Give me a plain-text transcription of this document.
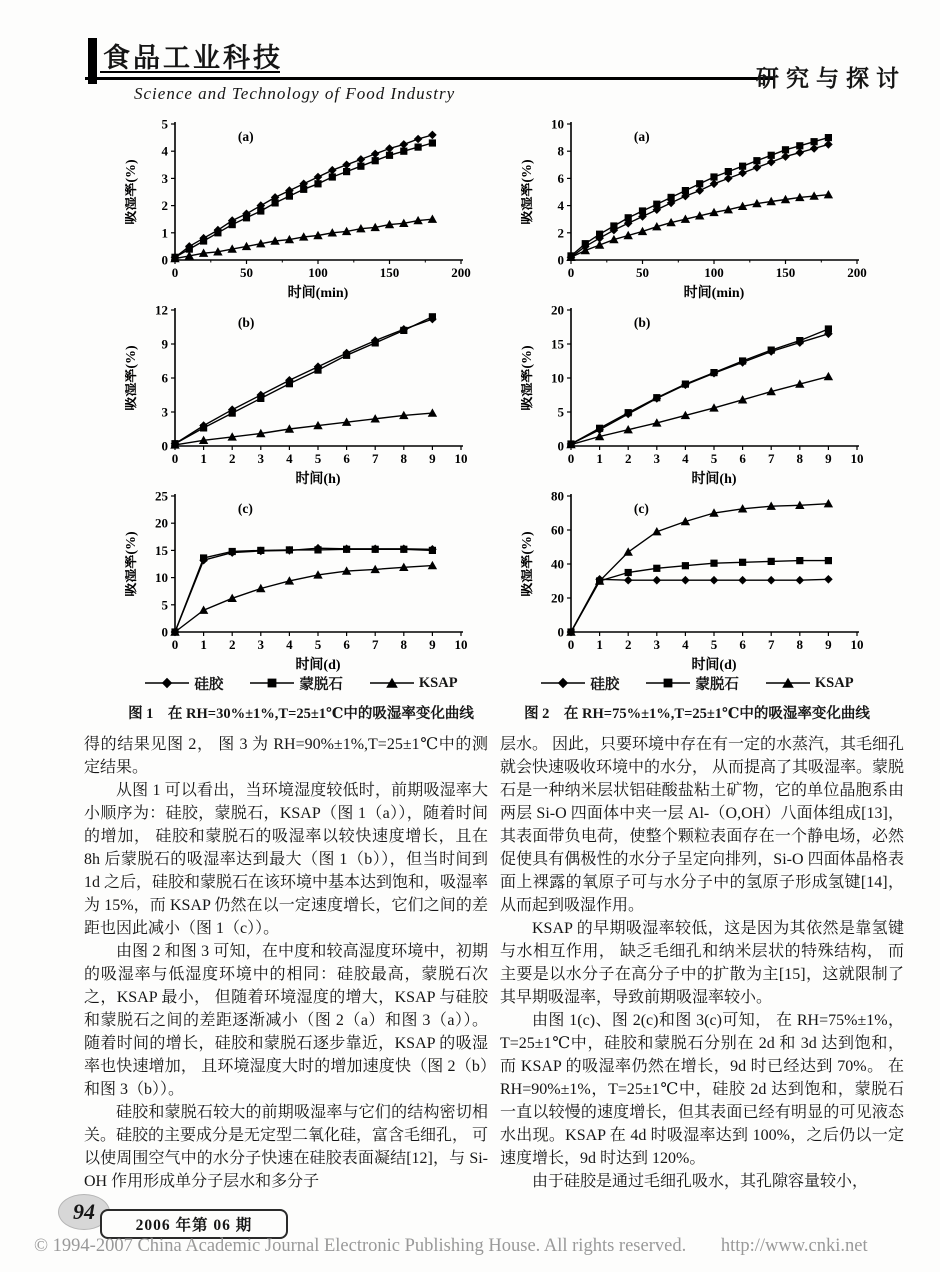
食品工业科技
研究与探讨
Science and Technology of Food Industry
0
1
2
3
4
5
0	50	100	150	200
(a)
时间(min)
吸湿率(%)
0
3
6
9
12
0 1 2 3 4 5 6 7 8 9 10
(b)
时间(h)
吸湿率(%)
0
5
10
15
20
25
0 1 2 3 4 5 6 7 8 9 10
(c)
时间(d)
吸湿率(%)
硅胶	蒙脱石	KSAP
图 1　在 RH=30%±1%,T=25±1℃中的吸湿率变化曲线
0
2
4
6
8
10
0	50	100	150	200
(a)
时间(min)
吸湿率(%)
0
5
10
15
20
0 1 2 3 4 5 6 7 8 9 10
(b)
时间(h)
吸湿率(%)
0
20
40
60
80
0 1 2 3 4 5 6 7 8 9 10
(c)
时间(d)
吸湿率(%)
硅胶	蒙脱石	KSAP
图 2　在 RH=75%±1%,T=25±1℃中的吸湿率变化曲线

得的结果见图 2， 图 3 为 RH=90%±1%,T=25±1℃中的测定结果。

从图 1 可以看出，当环境湿度较低时，前期吸湿率大小顺序为：硅胶，蒙脱石，KSAP（图 1（a）），随着时间的增加， 硅胶和蒙脱石的吸湿率以较快速度增长，且在 8h 后蒙脱石的吸湿率达到最大（图 1（b）），但当时间到 1d 之后，硅胶和蒙脱石在该环境中基本达到饱和，吸湿率为 15%，而 KSAP 仍然在以一定速度增长，它们之间的差距也因此减小（图 1（c））。

由图 2 和图 3 可知，在中度和较高湿度环境中，初期的吸湿率与低湿度环境中的相同：硅胶最高，蒙脱石次之，KSAP 最小， 但随着环境湿度的增大，KSAP 与硅胶和蒙脱石之间的差距逐渐减小（图 2（a）和图 3（a））。 随着时间的增长，硅胶和蒙脱石逐步靠近，KSAP 的吸湿率也快速增加， 且环境湿度大时的增加速度快（图 2（b）和图 3（b））。

硅胶和蒙脱石较大的前期吸湿率与它们的结构密切相关。硅胶的主要成分是无定型二氧化硅，富含毛细孔， 可以使周围空气中的水分子快速在硅胶表面凝结[12]，与 Si-OH 作用形成单分子层水和多分子

层水。 因此，只要环境中存在有一定的水蒸汽，其毛细孔就会快速吸收环境中的水分， 从而提高了其吸湿率。蒙脱石是一种纳米层状铝硅酸盐粘土矿物，它的单位晶胞系由两层 Si-O 四面体中夹一层 Al-（O,OH）八面体组成[13]，其表面带负电荷，使整个颗粒表面存在一个静电场，必然促使具有偶极性的水分子呈定向排列，Si-O 四面体晶格表面上裸露的氧原子可与水分子中的氢原子形成氢键[14]，从而起到吸湿作用。

KSAP 的早期吸湿率较低，这是因为其依然是靠氢键与水相互作用， 缺乏毛细孔和纳米层状的特殊结构， 而主要是以水分子在高分子中的扩散为主[15]，这就限制了其早期吸湿率，导致前期吸湿率较小。

由图 1(c)、图 2(c)和图 3(c)可知， 在 RH=75%±1%，T=25±1℃中，硅胶和蒙脱石分别在 2d 和 3d 达到饱和，而 KSAP 的吸湿率仍然在增长，9d 时已经达到 70%。 在 RH=90%±1%，T=25±1℃中，硅胶 2d 达到饱和，蒙脱石一直以较慢的速度增长，但其表面已经有明显的可见液态水出现。KSAP 在 4d 时吸湿率达到 100%，之后仍以一定速度增长，9d 时达到 120%。

由于硅胶是通过毛细孔吸水，其孔隙容量较小，

94
2006 年第 06 期
© 1994-2007 China Academic Journal Electronic Publishing House. All rights reserved. http://www.cnki.net
